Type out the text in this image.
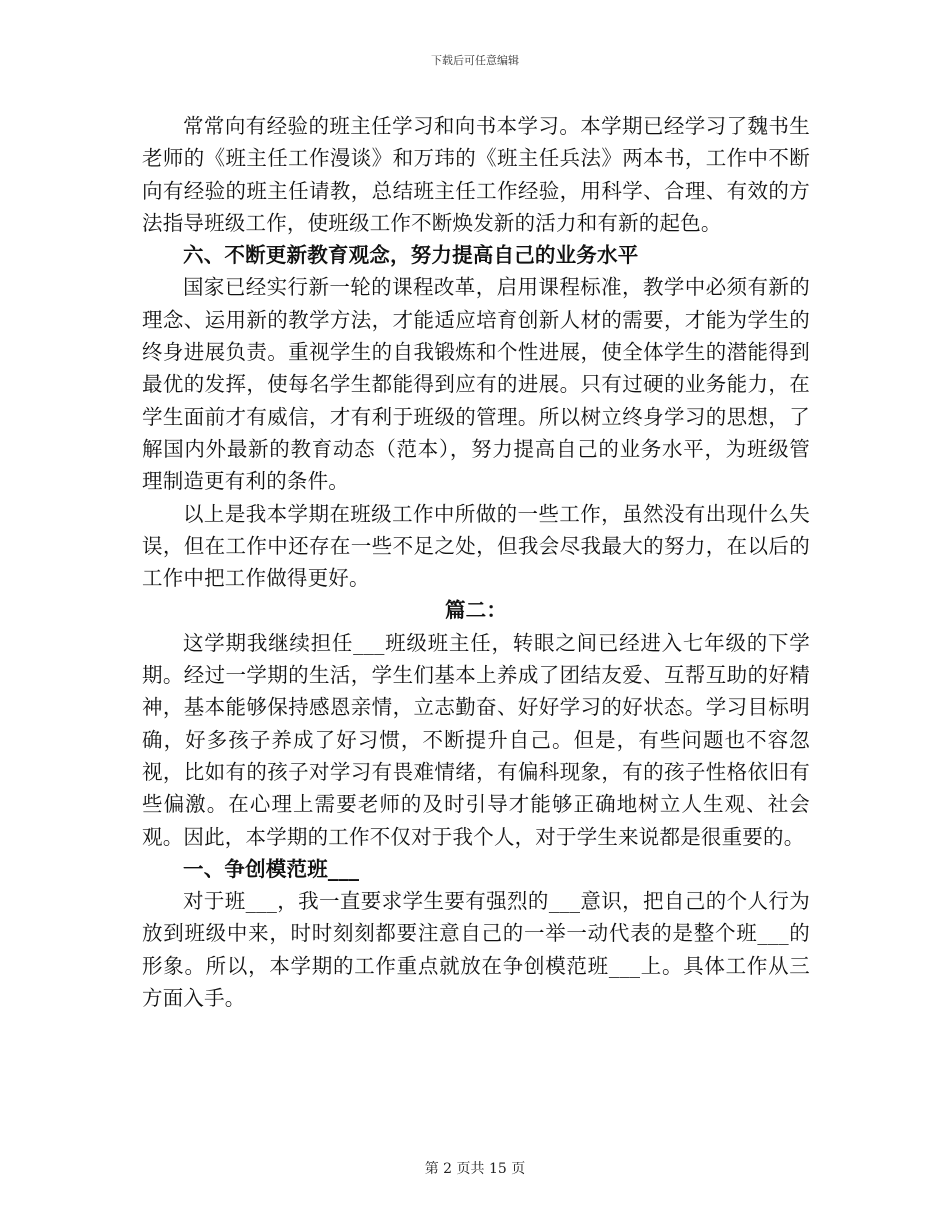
下载后可任意编辑

常常向有经验的班主任学习和向书本学习。本学期已经学习了魏书生老师的《班主任工作漫谈》和万玮的《班主任兵法》两本书，工作中不断向有经验的班主任请教，总结班主任工作经验，用科学、合理、有效的方法指导班级工作，使班级工作不断焕发新的活力和有新的起色。

六、不断更新教育观念，努力提高自己的业务水平

国家已经实行新一轮的课程改革，启用课程标准，教学中必须有新的理念、运用新的教学方法，才能适应培育创新人材的需要，才能为学生的终身进展负责。重视学生的自我锻炼和个性进展，使全体学生的潜能得到最优的发挥，使每名学生都能得到应有的进展。只有过硬的业务能力，在学生面前才有威信，才有利于班级的管理。所以树立终身学习的思想，了解国内外最新的教育动态（范本），努力提高自己的业务水平，为班级管理制造更有利的条件。

以上是我本学期在班级工作中所做的一些工作，虽然没有出现什么失误，但在工作中还存在一些不足之处，但我会尽我最大的努力，在以后的工作中把工作做得更好。

篇二：

这学期我继续担任___班级班主任，转眼之间已经进入七年级的下学期。经过一学期的生活，学生们基本上养成了团结友爱、互帮互助的好精神，基本能够保持感恩亲情，立志勤奋、好好学习的好状态。学习目标明确，好多孩子养成了好习惯，不断提升自己。但是，有些问题也不容忽视，比如有的孩子对学习有畏难情绪，有偏科现象，有的孩子性格依旧有些偏激。在心理上需要老师的及时引导才能够正确地树立人生观、社会观。因此，本学期的工作不仅对于我个人，对于学生来说都是很重要的。

一、争创模范班___

对于班___，我一直要求学生要有强烈的___意识，把自己的个人行为放到班级中来，时时刻刻都要注意自己的一举一动代表的是整个班___的形象。所以，本学期的工作重点就放在争创模范班___上。具体工作从三方面入手。

第 2 页共 15 页
